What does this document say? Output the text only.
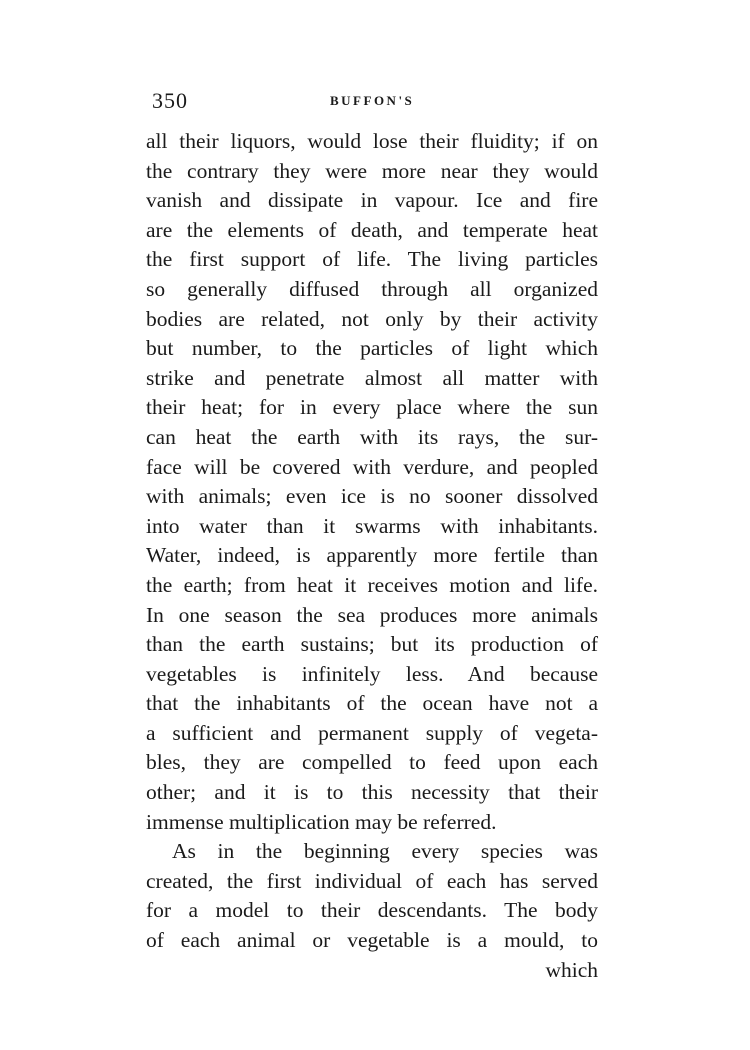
350	BUFFON'S
all their liquors, would lose their fluidity; if on
the contrary they were more near they would
vanish and dissipate in vapour. Ice and fire
are the elements of death, and temperate heat
the first support of life. The living particles
so generally diffused through all organized
bodies are related, not only by their activity
but number, to the particles of light which
strike and penetrate almost all matter with
their heat; for in every place where the sun
can heat the earth with its rays, the sur-
face will be covered with verdure, and peopled
with animals; even ice is no sooner dissolved
into water than it swarms with inhabitants.
Water, indeed, is apparently more fertile than
the earth; from heat it receives motion and life.
In one season the sea produces more animals
than the earth sustains; but its production of
vegetables is infinitely less. And because
that the inhabitants of the ocean have not a
a sufficient and permanent supply of vegeta-
bles, they are compelled to feed upon each
other; and it is to this necessity that their
immense multiplication may be referred.
As in the beginning every species was
created, the first individual of each has served
for a model to their descendants. The body
of each animal or vegetable is a mould, to
which
